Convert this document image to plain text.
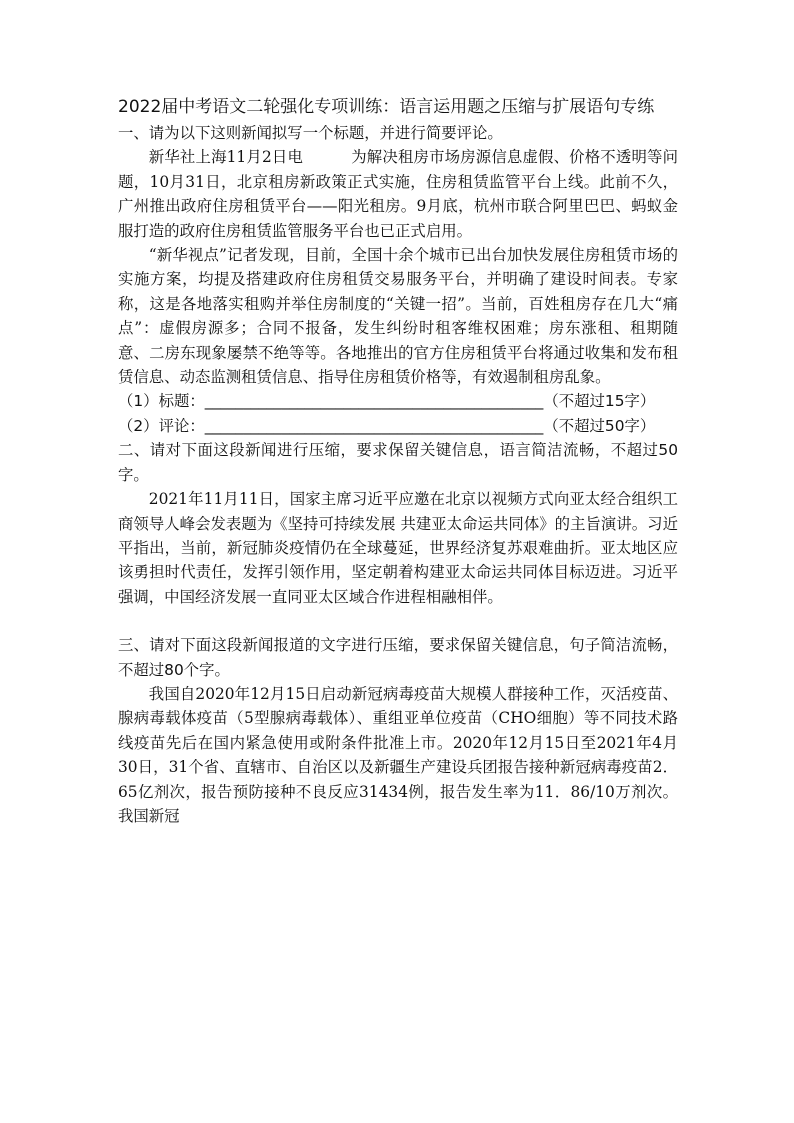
2022届中考语文二轮强化专项训练：语言运用题之压缩与扩展语句专练

一、请为以下这则新闻拟写一个标题，并进行简要评论。

新华社上海11月2日电	为解决租房市场房源信息虚假、价格不透明等问题，10月31日，北京租房新政策正式实施，住房租赁监管平台上线。此前不久，广州推出政府住房租赁平台——阳光租房。9月底，杭州市联合阿里巴巴、蚂蚁金服打造的政府住房租赁监管服务平台也已正式启用。

“新华视点”记者发现，目前，全国十余个城市已出台加快发展住房租赁市场的实施方案，均提及搭建政府住房租赁交易服务平台，并明确了建设时间表。专家称，这是各地落实租购并举住房制度的“关键一招”。当前，百姓租房存在几大“痛点”：虚假房源多；合同不报备，发生纠纷时租客维权困难；房东涨租、租期随意、二房东现象屡禁不绝等等。各地推出的官方住房租赁平台将通过收集和发布租赁信息、动态监测租赁信息、指导住房租赁价格等，有效遏制租房乱象。

（1）标题：____________________________________________（不超过15字）

（2）评论：____________________________________________（不超过50字）

二、请对下面这段新闻进行压缩，要求保留关键信息，语言简洁流畅，不超过50字。

2021年11月11日，国家主席习近平应邀在北京以视频方式向亚太经合组织工商领导人峰会发表题为《坚持可持续发展 共建亚太命运共同体》的主旨演讲。习近平指出，当前，新冠肺炎疫情仍在全球蔓延，世界经济复苏艰难曲折。亚太地区应该勇担时代责任，发挥引领作用，坚定朝着构建亚太命运共同体目标迈进。习近平强调，中国经济发展一直同亚太区域合作进程相融相伴。

三、请对下面这段新闻报道的文字进行压缩，要求保留关键信息，句子简洁流畅，不超过80个字。

我国自2020年12月15日启动新冠病毒疫苗大规模人群接种工作，灭活疫苗、腺病毒载体疫苗（5型腺病毒载体）、重组亚单位疫苗（CHO细胞）等不同技术路线疫苗先后在国内紧急使用或附条件批准上市。2020年12月15日至2021年4月30日，31个省、直辖市、自治区以及新疆生产建设兵团报告接种新冠病毒疫苗2．65亿剂次，报告预防接种不良反应31434例，报告发生率为11．86/10万剂次。我国新冠
